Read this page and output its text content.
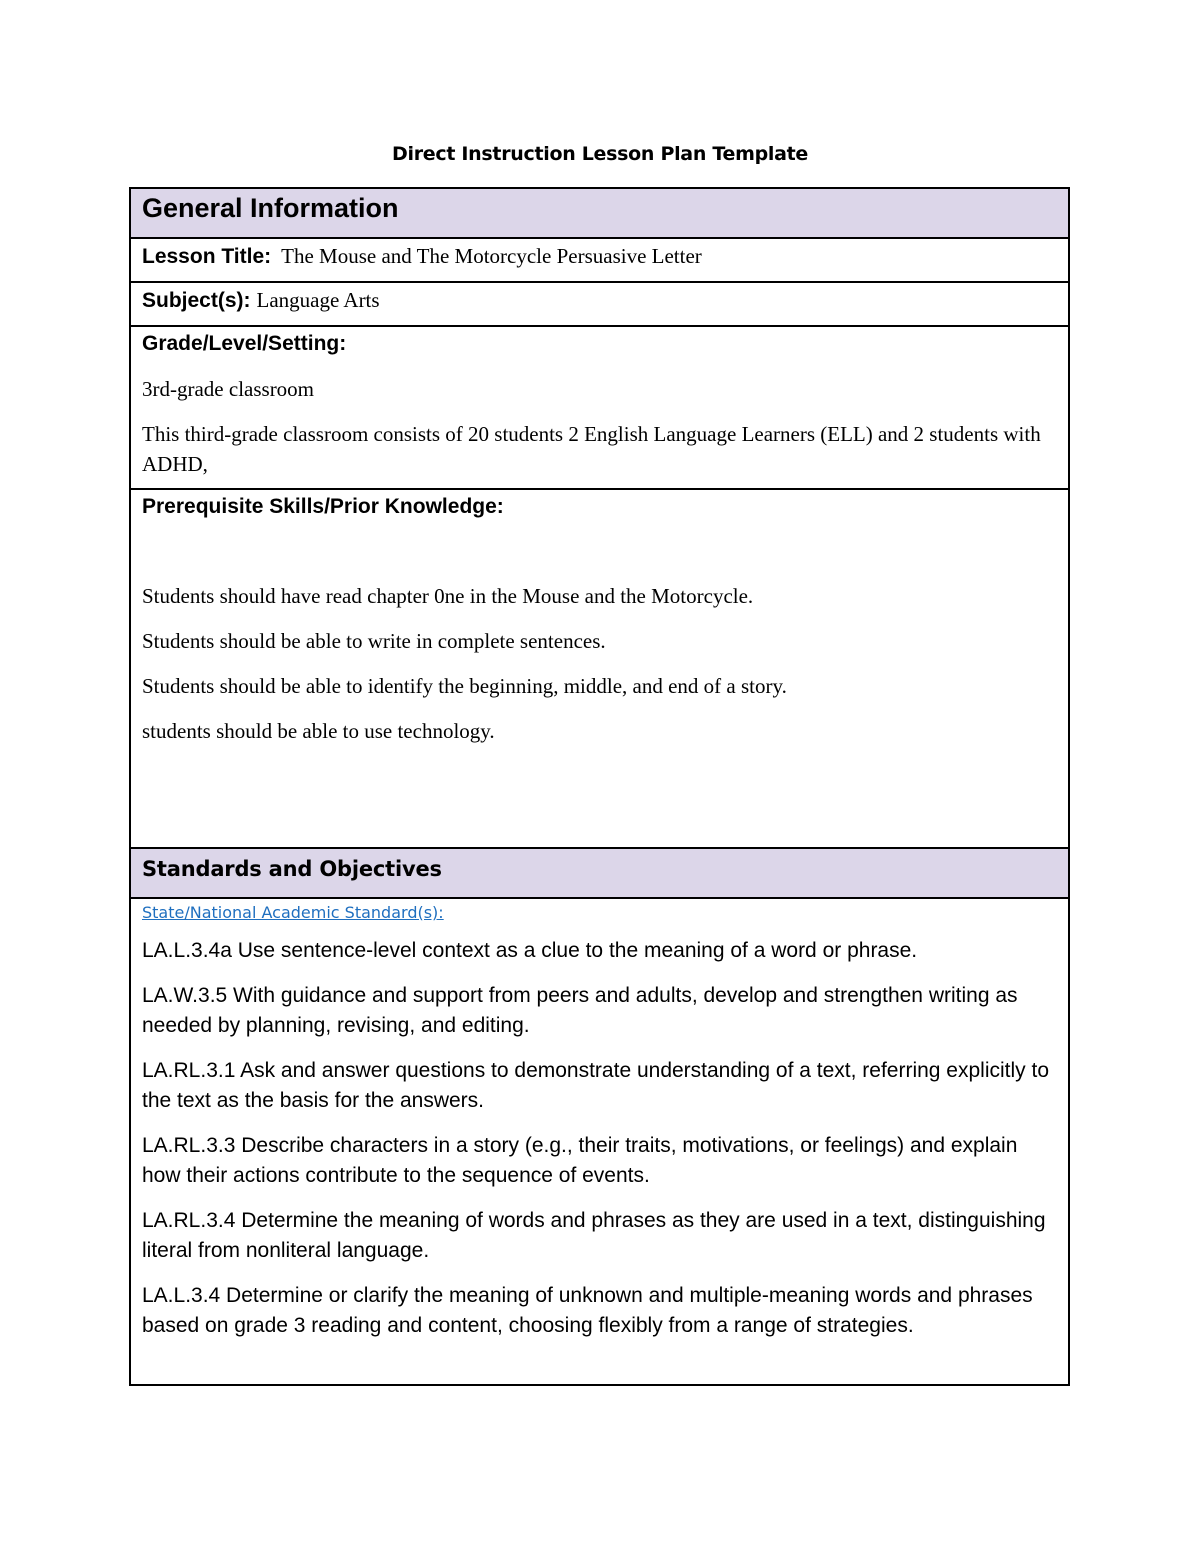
Direct Instruction Lesson Plan Template

General Information

Lesson Title: The Mouse and The Motorcycle Persuasive Letter

Subject(s): Language Arts

Grade/Level/Setting:

3rd-grade classroom

This third-grade classroom consists of 20 students 2 English Language Learners (ELL) and 2 students with ADHD,

Prerequisite Skills/Prior Knowledge:

Students should have read chapter 0ne in the Mouse and the Motorcycle.

Students should be able to write in complete sentences.

Students should be able to identify the beginning, middle, and end of a story.

students should be able to use technology.

Standards and Objectives

State/National Academic Standard(s):

LA.L.3.4a Use sentence-level context as a clue to the meaning of a word or phrase.

LA.W.3.5 With guidance and support from peers and adults, develop and strengthen writing as needed by planning, revising, and editing.

LA.RL.3.1 Ask and answer questions to demonstrate understanding of a text, referring explicitly to the text as the basis for the answers.

LA.RL.3.3 Describe characters in a story (e.g., their traits, motivations, or feelings) and explain how their actions contribute to the sequence of events.

LA.RL.3.4 Determine the meaning of words and phrases as they are used in a text, distinguishing literal from nonliteral language.

LA.L.3.4 Determine or clarify the meaning of unknown and multiple-meaning words and phrases based on grade 3 reading and content, choosing flexibly from a range of strategies.
